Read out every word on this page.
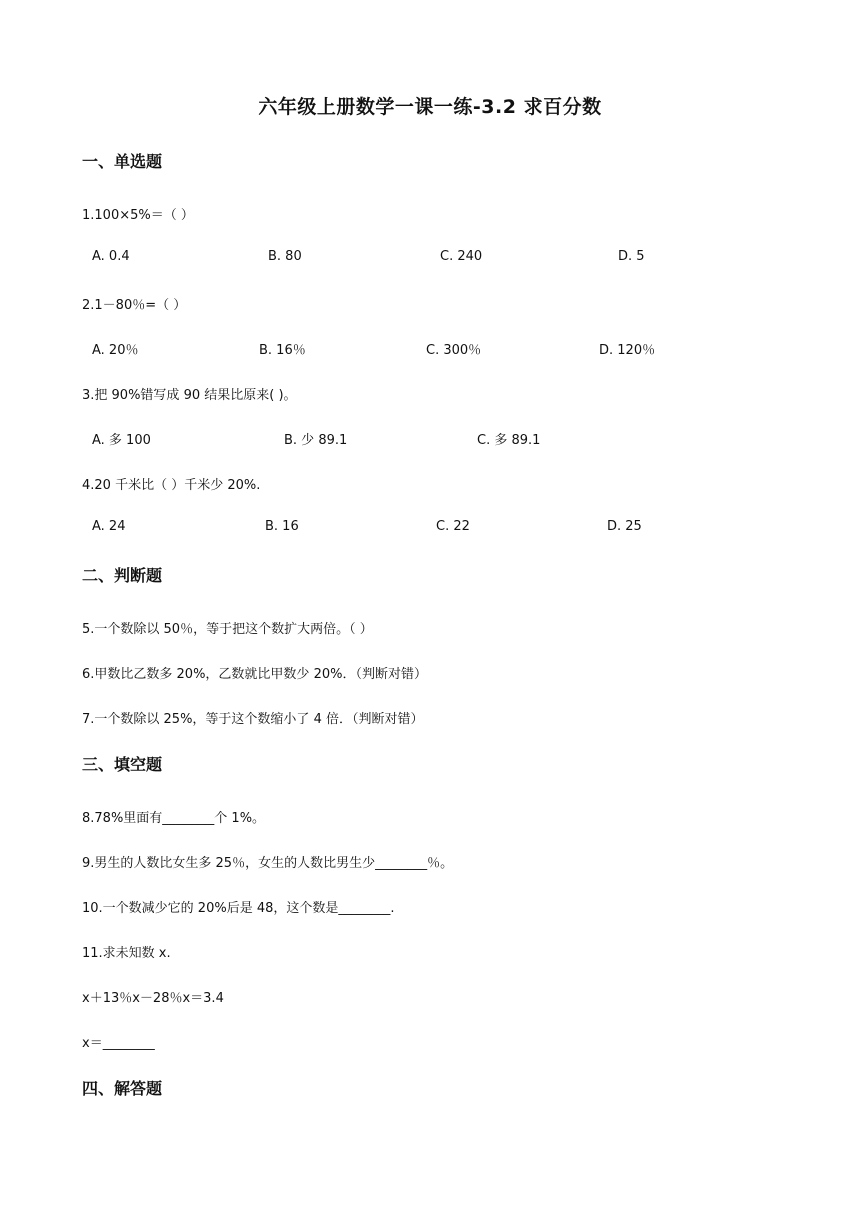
六年级上册数学一课一练-3.2 求百分数
一、单选题
1.100×5%＝（ ）
A. 0.4	B. 80	C. 240	D. 5
2.1－80％=（ ）
A. 20％	B. 16％	C. 300％	D. 120％
3.把 90%错写成 90 结果比原来( )。
A. 多 100	B. 少 89.1	C. 多 89.1
4.20 千米比（ ）千米少 20%.
A. 24	B. 16	C. 22	D. 25
二、判断题
5.一个数除以 50％，等于把这个数扩大两倍。（ ）
6.甲数比乙数多 20%，乙数就比甲数少 20%．（判断对错）
7.一个数除以 25%，等于这个数缩小了 4 倍．（判断对错）
三、填空题
8.78%里面有________个 1%。
9.男生的人数比女生多 25％，女生的人数比男生少________％。
10.一个数减少它的 20%后是 48，这个数是________.
11.求未知数 x.
x＋13％x－28％x＝3.4
x＝________
四、解答题
